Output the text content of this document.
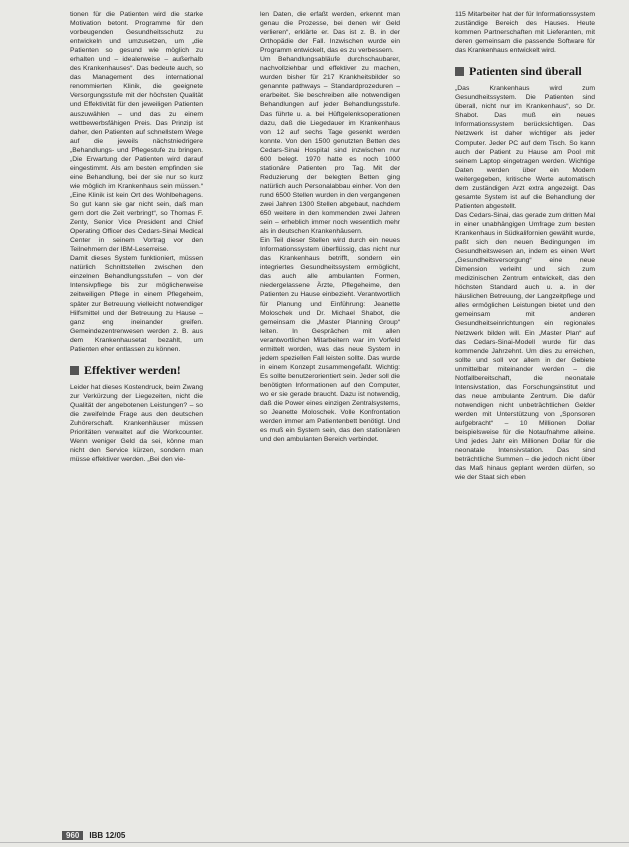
tionen für die Patienten wird die starke Motivation betont. Programme für den vorbeugenden Gesundheitsschutz zu entwickeln und umzusetzen, um „die Patienten so gesund wie möglich zu erhalten und – idealerweise – außerhalb des Krankenhauses“. Das bedeute auch, so das Management des international renommierten Klinik, die geeignete Versorgungsstufe mit der höchsten Qualität und Effektivität für den jeweiligen Patienten auszuwählen – und das zu einem wettbewerbsfähigen Preis. Das Prinzip ist daher, den Patienten auf schnellstem Wege auf die jeweils nächstniedrigere „Behandlungs- und Pflegestufe zu bringen. „Die Erwartung der Patienten wird darauf eingestimmt. Als am besten empfinden sie eine Behandlung, bei der sie nur so kurz wie möglich im Krankenhaus sein müssen.“ „Eine Klinik ist kein Ort des Wohlbehagens. So gut kann sie gar nicht sein, daß man gern dort die Zeit verbringt“, so Thomas F. Zenty, Senior Vice President and Chief Operating Officer des Cedars-Sinai Medical Center in seinem Vortrag vor den Teilnehmern der IBM-Leserreise.

Damit dieses System funktioniert, müssen natürlich Schnittstellen zwischen den einzelnen Behandlungsstufen – von der Intensivpflege bis zur möglicherweise zeitweiligen Pflege in einem Pflegeheim, später zur Betreuung vielleicht notwendiger Hilfsmittel und der Betreuung zu Hause – ganz eng ineinander greifen. Gemeindezentrenwesen werden z. B. aus dem Krankenhausetat bezahlt, um Patienten eher entlassen zu können.

Effektiver werden!

Leider hat dieses Kostendruck, beim Zwang zur Verkürzung der Liegezeiten, nicht die Qualität der angebotenen Leistungen? – so die zweifelnde Frage aus den deutschen Zuhörerschaft. Krankenhäuser müssen Prioritäten verwaltet auf die Workcounter. Wenn weniger Geld da sei, könne man nicht den Service kürzen, sondern man müsse effektiver werden. „Bei den vie-

len Daten, die erfaßt werden, erkennt man genau die Prozesse, bei denen wir Geld verlieren“, erklärte er. Das ist z. B. in der Orthopädie der Fall. Inzwischen wurde ein Programm entwickelt, das es zu verbessern.

Um Behandlungsabläufe durchschaubarer, nachvollziehbar und effektiver zu machen, wurden bisher für 217 Krankheitsbilder so genannte pathways – Standardprozeduren – erarbeitet. Sie beschreiben alle notwendigen Behandlungen auf jeder Behandlungsstufe. Das führte u. a. bei Hüftgelenksoperationen dazu, daß die Liegedauer im Krankenhaus von 12 auf sechs Tage gesenkt werden konnte. Von den 1500 genutzten Betten des Cedars-Sinai Hospital sind inzwischen nur 600 belegt. 1970 hatte es noch 1000 stationäre Patienten pro Tag. Mit der Reduzierung der belegten Betten ging natürlich auch Personalabbau einher. Von den rund 6500 Stellen wurden in den vergangenen zwei Jahren 1300 Stellen abgebaut, nachdem 650 weitere in den kommenden zwei Jahren sein – erheblich immer noch wesentlich mehr als in deutschen Krankenhäusern.

Ein Teil dieser Stellen wird durch ein neues Informationssystem überflüssig, das nicht nur das Krankenhaus betrifft, sondern ein integriertes Gesundheitssystem ermöglicht, das auch alle ambulanten Formen, niedergelassene Ärzte, Pflegeheime, den Patienten zu Hause einbezieht. Verantwortlich für Planung und Einführung: Jeanette Moloschek und Dr. Michael Shabot, die gemeinsam die „Master Planning Group“ leiten. In Gesprächen mit allen verantwortlichen Mitarbeitern war im Vorfeld ermittelt worden, was das neue System in jedem speziellen Fall leisten sollte. Das wurde in einem Konzept zusammengefaßt. Wichtig: Es sollte benutzerorientiert sein. Jeder soll die benötigten Informationen auf den Computer, wo er sie gerade braucht. Dazu ist notwendig, daß die Power eines einzigen Zentralsystems, so Jeanette Moloschek. Volle Konfrontation werden immer am Patientenbett benötigt. Und es muß ein System sein, das den stationären und den ambulanten Bereich verbindet.

115 Mitarbeiter hat der für Informationssystem zuständige Bereich des Hauses. Heute kommen Partnerschaften mit Lieferanten, mit deren gemeinsam die passende Software für das Krankenhaus entwickelt wird.

Patienten sind überall

„Das Krankenhaus wird zum Gesundheitssystem. Die Patienten sind überall, nicht nur im Krankenhaus“, so Dr. Shabot. Das muß ein neues Informationssystem berücksichtigen. Das Netzwerk ist daher wichtiger als jeder Computer. Jeder PC auf dem Tisch. So kann auch der Patient zu Hause am Pool mit seinem Laptop eingetragen werden. Wichtige Daten werden über ein Modem weitergegeben, kritische Werte automatisch dem zuständigen Arzt extra angezeigt. Das gesamte System ist auf die Behandlung der Patienten abgestellt.

Das Cedars-Sinai, das gerade zum dritten Mal in einer unabhängigen Umfrage zum besten Krankenhaus in Südkalifornien gewählt wurde, paßt sich den neuen Bedingungen im Gesundheitswesen an, indem es einen Wert „Gesundheitsversorgung“ eine neue Dimension verleiht und sich zum medizinischen Zentrum entwickelt, das den höchsten Standard auch u. a. in der häuslichen Betreuung, der Langzeitpflege und alles ermöglichen Leistungen bietet und den gemeinsam mit anderen Gesundheitseinrichtungen ein regionales Netzwerk bilden will. Ein „Master Plan“ auf das Cedars-Sinai-Modell wurde für das kommende Jahrzehnt. Um dies zu erreichen, sollte und soll vor allem in der Gebiete unmittelbar miteinander werden – die Notfallbereitschaft, die neonatale Intensivstation, das Forschungsinstitut und das neue ambulante Zentrum. Die dafür notwendigen nicht unbeträchtlichen Gelder werden mit Unterstützung von „Sponsoren aufgebracht“ – 10 Millionen Dollar beispielsweise für die Notaufnahme alleine. Und jedes Jahr ein Millionen Dollar für die neonatale Intensivstation. Das sind beträchtliche Summen – die jedoch nicht über das Maß hinaus geplant werden dürfen, so wie der Staat sich eben

960	IBB 12/05
